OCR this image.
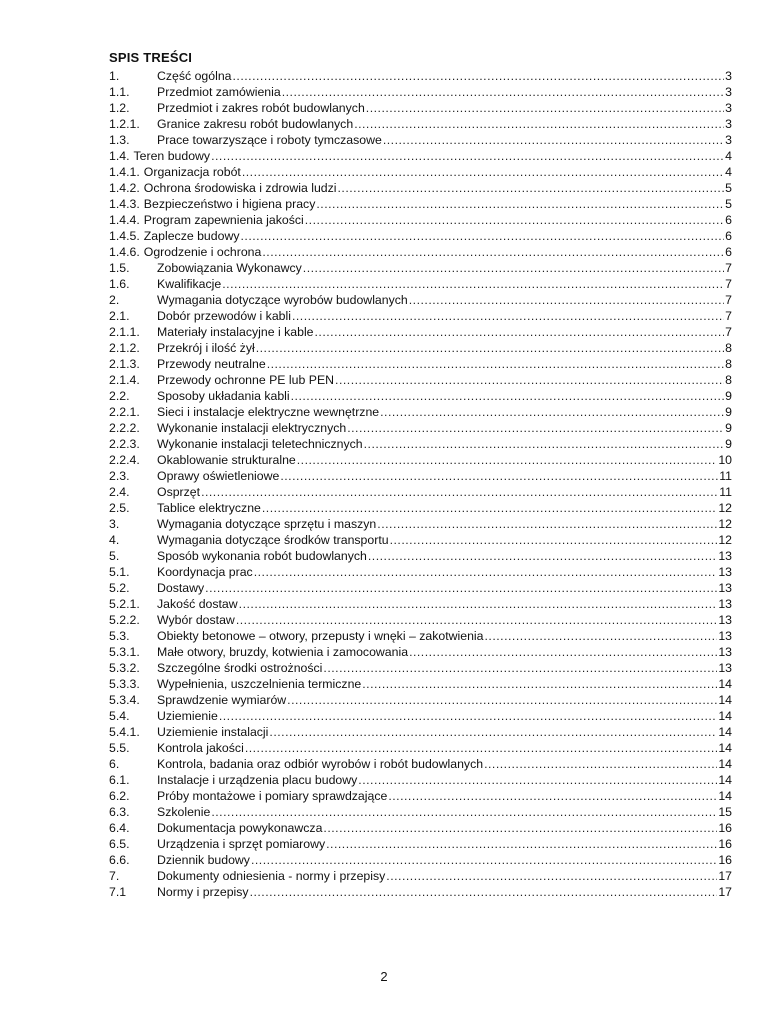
SPIS TREŚCI
1.	Część ogólna .....	3
1.1.	Przedmiot zamówienia .....	3
1.2.	Przedmiot i zakres robót budowlanych .....	3
1.2.1.	Granice zakresu robót budowlanych .....	3
1.3.	Prace towarzyszące i roboty tymczasowe .....	3
1.4. Teren budowy .....	4
1.4.1. Organizacja robót .....	4
1.4.2. Ochrona środowiska i zdrowia ludzi .....	5
1.4.3. Bezpieczeństwo i higiena pracy .....	5
1.4.4. Program zapewnienia jakości .....	6
1.4.5. Zaplecze budowy .....	6
1.4.6. Ogrodzenie i ochrona .....	6
1.5.	Zobowiązania Wykonawcy .....	7
1.6.	Kwalifikacje .....	7
2.	Wymagania dotyczące wyrobów budowlanych .....	7
2.1.	Dobór przewodów i kabli .....	7
2.1.1.	Materiały instalacyjne i kable .....	7
2.1.2.	Przekrój i ilość żył .....	8
2.1.3.	Przewody neutralne .....	8
2.1.4.	Przewody ochronne PE lub PEN .....	8
2.2.	Sposoby układania kabli .....	9
2.2.1.	Sieci i instalacje elektryczne wewnętrzne .....	9
2.2.2.	Wykonanie instalacji elektrycznych .....	9
2.2.3.	Wykonanie instalacji teletechnicznych .....	9
2.2.4.	Okablowanie strukturalne .....	10
2.3.	Oprawy oświetleniowe .....	11
2.4.	Osprzęt .....	11
2.5.	Tablice elektryczne .....	12
3.	Wymagania dotyczące sprzętu i maszyn .....	12
4.	Wymagania dotyczące środków transportu .....	12
5.	Sposób wykonania robót budowlanych .....	13
5.1.	Koordynacja prac .....	13
5.2.	Dostawy .....	13
5.2.1.	Jakość dostaw .....	13
5.2.2.	Wybór dostaw .....	13
5.3.	Obiekty betonowe – otwory, przepusty i wnęki – zakotwienia .....	13
5.3.1.	Małe otwory, bruzdy, kotwienia i zamocowania .....	13
5.3.2.	Szczególne środki ostrożności .....	13
5.3.3.	Wypełnienia, uszczelnienia termiczne .....	14
5.3.4.	Sprawdzenie wymiarów .....	14
5.4.	Uziemienie .....	14
5.4.1.	Uziemienie instalacji .....	14
5.5.	Kontrola jakości .....	14
6.	Kontrola, badania oraz odbiór wyrobów i robót budowlanych .....	14
6.1.	Instalacje i urządzenia placu budowy .....	14
6.2.	Próby montażowe i pomiary sprawdzające .....	14
6.3.	Szkolenie .....	15
6.4.	Dokumentacja powykonawcza .....	16
6.5.	Urządzenia i sprzęt pomiarowy .....	16
6.6.	Dziennik budowy .....	16
7.	Dokumenty odniesienia - normy i przepisy .....	17
7.1	Normy i przepisy .....	17
2
